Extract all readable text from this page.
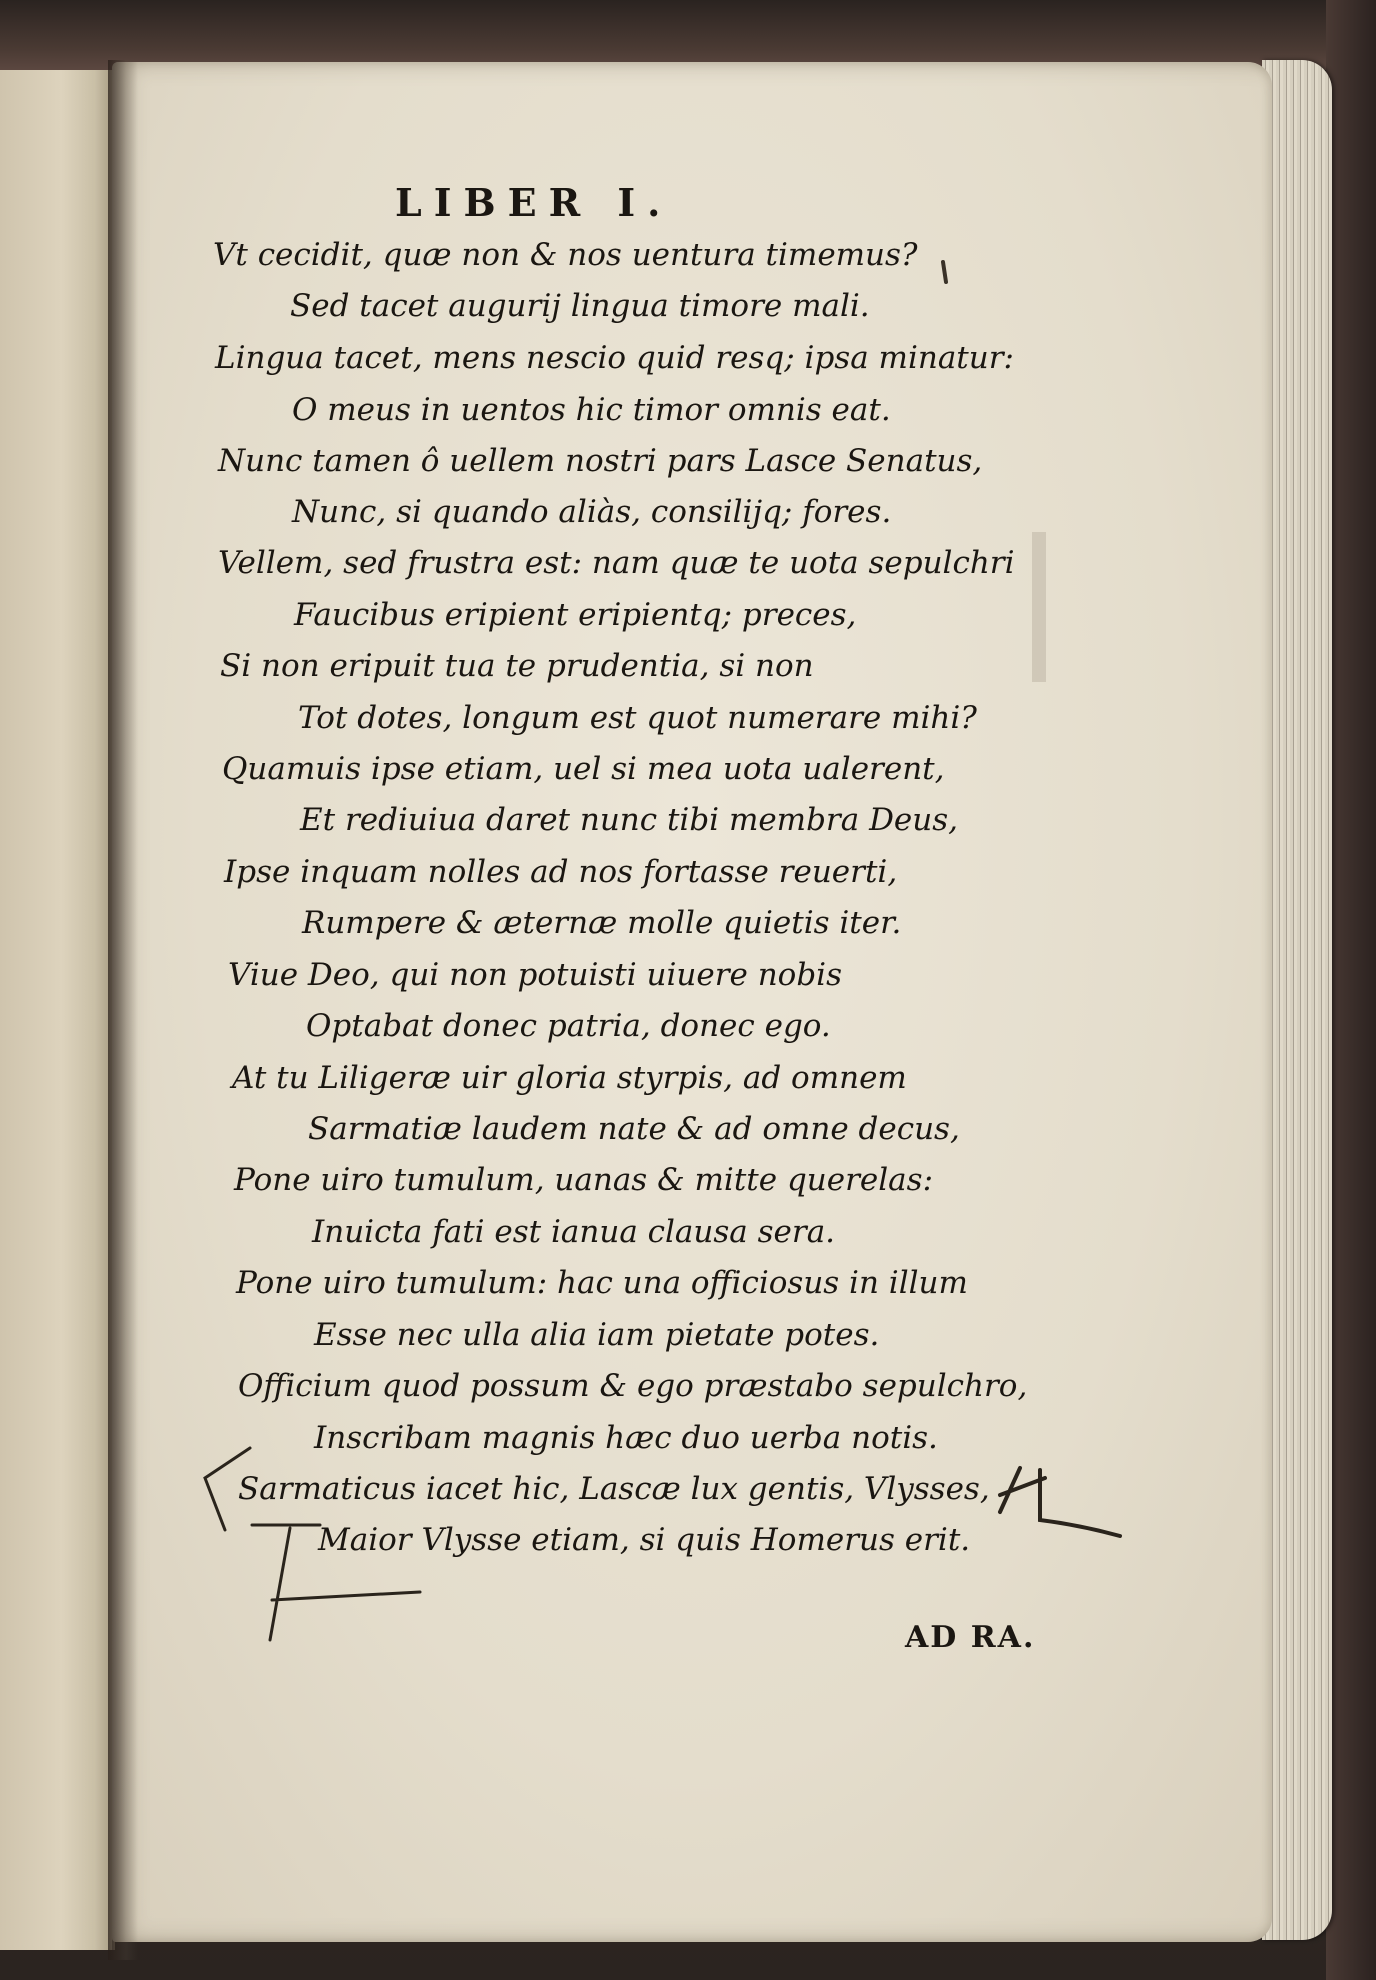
LIBER I.
Vt cecidit, quæ non & nos uentura timemus?
Sed tacet augurij lingua timore mali.
Lingua tacet, mens nescio quid resq; ipsa minatur:
O meus in uentos hic timor omnis eat.
Nunc tamen ô uellem nostri pars Lasce Senatus,
Nunc, si quando aliàs, consilijq; fores.
Vellem, sed frustra est: nam quæ te uota sepulchri
Faucibus eripient eripientq; preces,
Si non eripuit tua te prudentia, si non
Tot dotes, longum est quot numerare mihi?
Quamuis ipse etiam, uel si mea uota ualerent,
Et rediuiua daret nunc tibi membra Deus,
Ipse inquam nolles ad nos fortasse reuerti,
Rumpere & æternæ molle quietis iter.
Viue Deo, qui non potuisti uiuere nobis
Optabat donec patria, donec ego.
At tu Liligeræ uir gloria styrpis, ad omnem
Sarmatiæ laudem nate & ad omne decus,
Pone uiro tumulum, uanas & mitte querelas:
Inuicta fati est ianua clausa sera.
Pone uiro tumulum: hac una officiosus in illum
Esse nec ulla alia iam pietate potes.
Officium quod possum & ego præstabo sepulchro,
Inscribam magnis hæc duo uerba notis.
Sarmaticus iacet hic, Lascæ lux gentis, Vlysses,
Maior Vlysse etiam, si quis Homerus erit.
AD RA.
